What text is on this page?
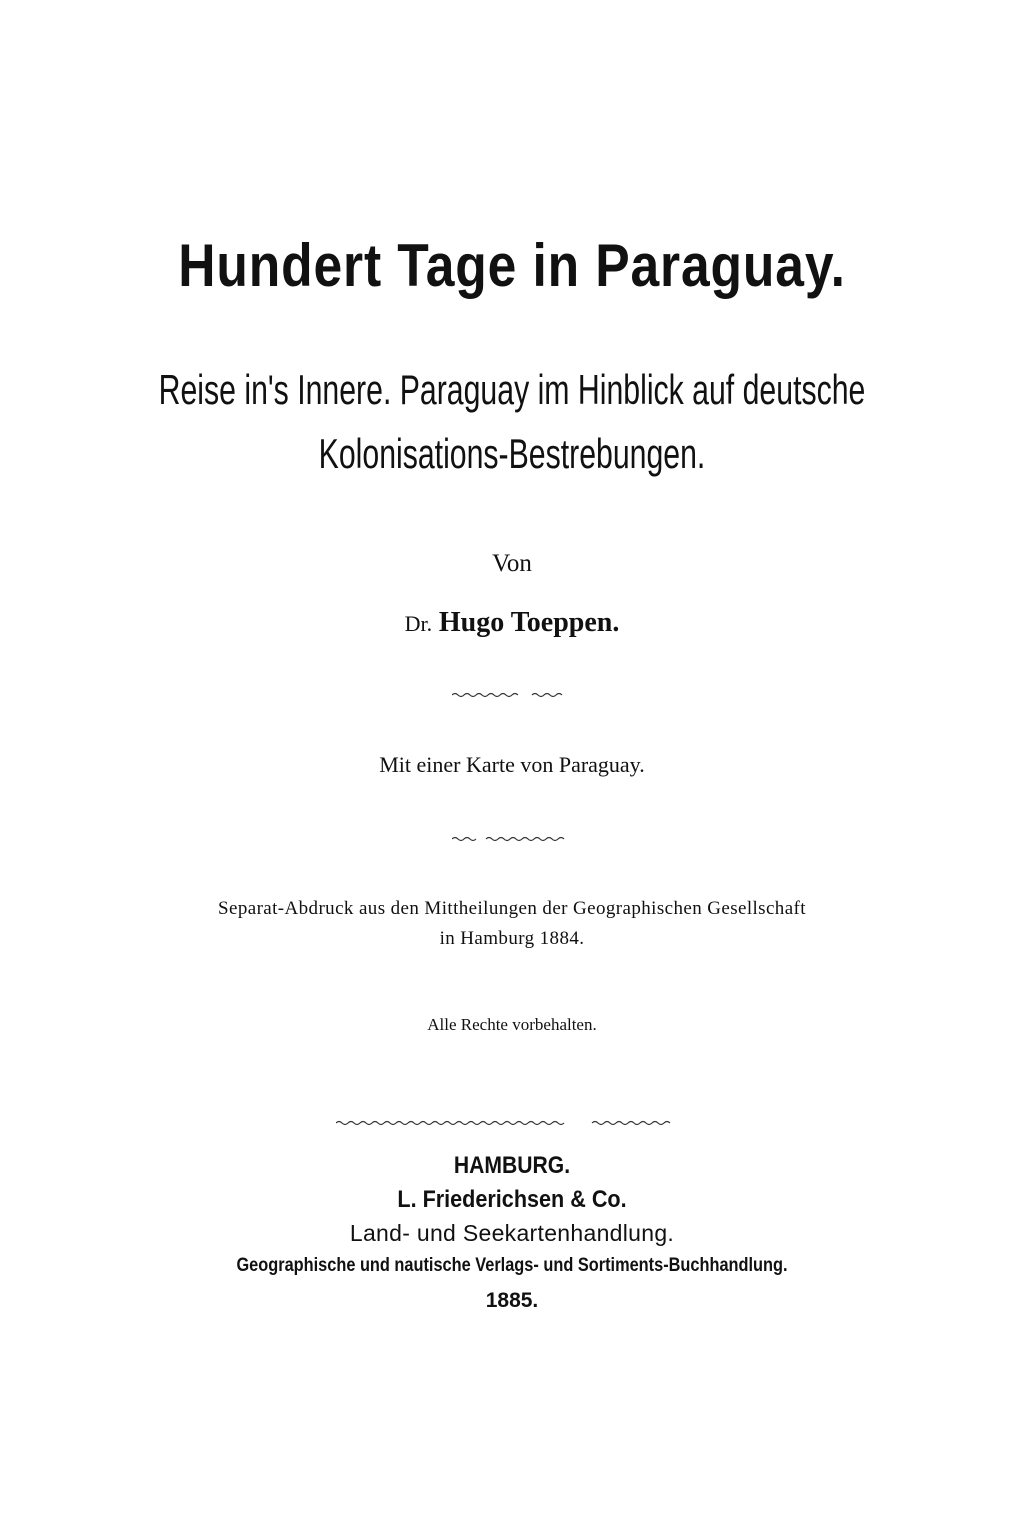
Hundert Tage in Paraguay.

Reise in's Innere. Paraguay im Hinblick auf deutsche

Kolonisations-Bestrebungen.

Von

Dr. Hugo Toeppen.

Mit einer Karte von Paraguay.

Separat-Abdruck aus den Mittheilungen der Geographischen Gesellschaft

in Hamburg 1884.

Alle Rechte vorbehalten.

HAMBURG.

L. Friederichsen & Co.

Land- und Seekartenhandlung.

Geographische und nautische Verlags- und Sortiments-Buchhandlung.

1885.
